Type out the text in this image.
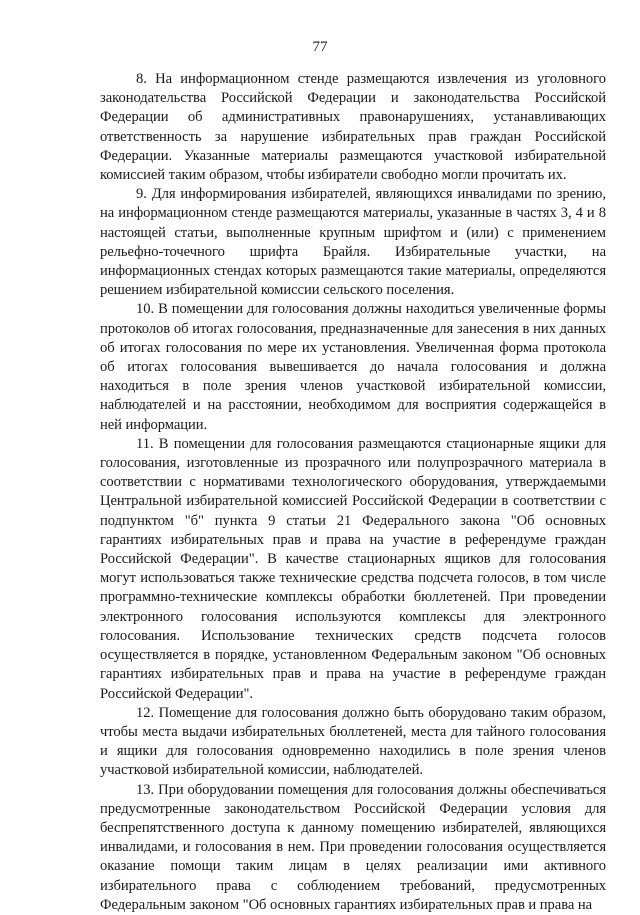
77

8. На информационном стенде размещаются извлечения из уголовного законодательства Российской Федерации и законодательства Российской Федерации об административных правонарушениях, устанавливающих ответственность за нарушение избирательных прав граждан Российской Федерации. Указанные материалы размещаются участковой избирательной комиссией таким образом, чтобы избиратели свободно могли прочитать их.

9. Для информирования избирателей, являющихся инвалидами по зрению, на информационном стенде размещаются материалы, указанные в частях 3, 4 и 8 настоящей статьи, выполненные крупным шрифтом и (или) с применением рельефно-точечного шрифта Брайля. Избирательные участки, на информационных стендах которых размещаются такие материалы, определяются решением избирательной комиссии сельского поселения.

10. В помещении для голосования должны находиться увеличенные формы протоколов об итогах голосования, предназначенные для занесения в них данных об итогах голосования по мере их установления. Увеличенная форма протокола об итогах голосования вывешивается до начала голосования и должна находиться в поле зрения членов участковой избирательной комиссии, наблюдателей и на расстоянии, необходимом для восприятия содержащейся в ней информации.

11. В помещении для голосования размещаются стационарные ящики для голосования, изготовленные из прозрачного или полупрозрачного материала в соответствии с нормативами технологического оборудования, утверждаемыми Центральной избирательной комиссией Российской Федерации в соответствии с подпунктом "б" пункта 9 статьи 21 Федерального закона "Об основных гарантиях избирательных прав и права на участие в референдуме граждан Российской Федерации". В качестве стационарных ящиков для голосования могут использоваться также технические средства подсчета голосов, в том числе программно-технические комплексы обработки бюллетеней. При проведении электронного голосования используются комплексы для электронного голосования. Использование технических средств подсчета голосов осуществляется в порядке, установленном Федеральным законом "Об основных гарантиях избирательных прав и права на участие в референдуме граждан Российской Федерации".

12. Помещение для голосования должно быть оборудовано таким образом, чтобы места выдачи избирательных бюллетеней, места для тайного голосования и ящики для голосования одновременно находились в поле зрения членов участковой избирательной комиссии, наблюдателей.

13. При оборудовании помещения для голосования должны обеспечиваться предусмотренные законодательством Российской Федерации условия для беспрепятственного доступа к данному помещению избирателей, являющихся инвалидами, и голосования в нем. При проведении голосования осуществляется оказание помощи таким лицам в целях реализации ими активного избирательного права с соблюдением требований, предусмотренных Федеральным законом "Об основных гарантиях избирательных прав и права на
